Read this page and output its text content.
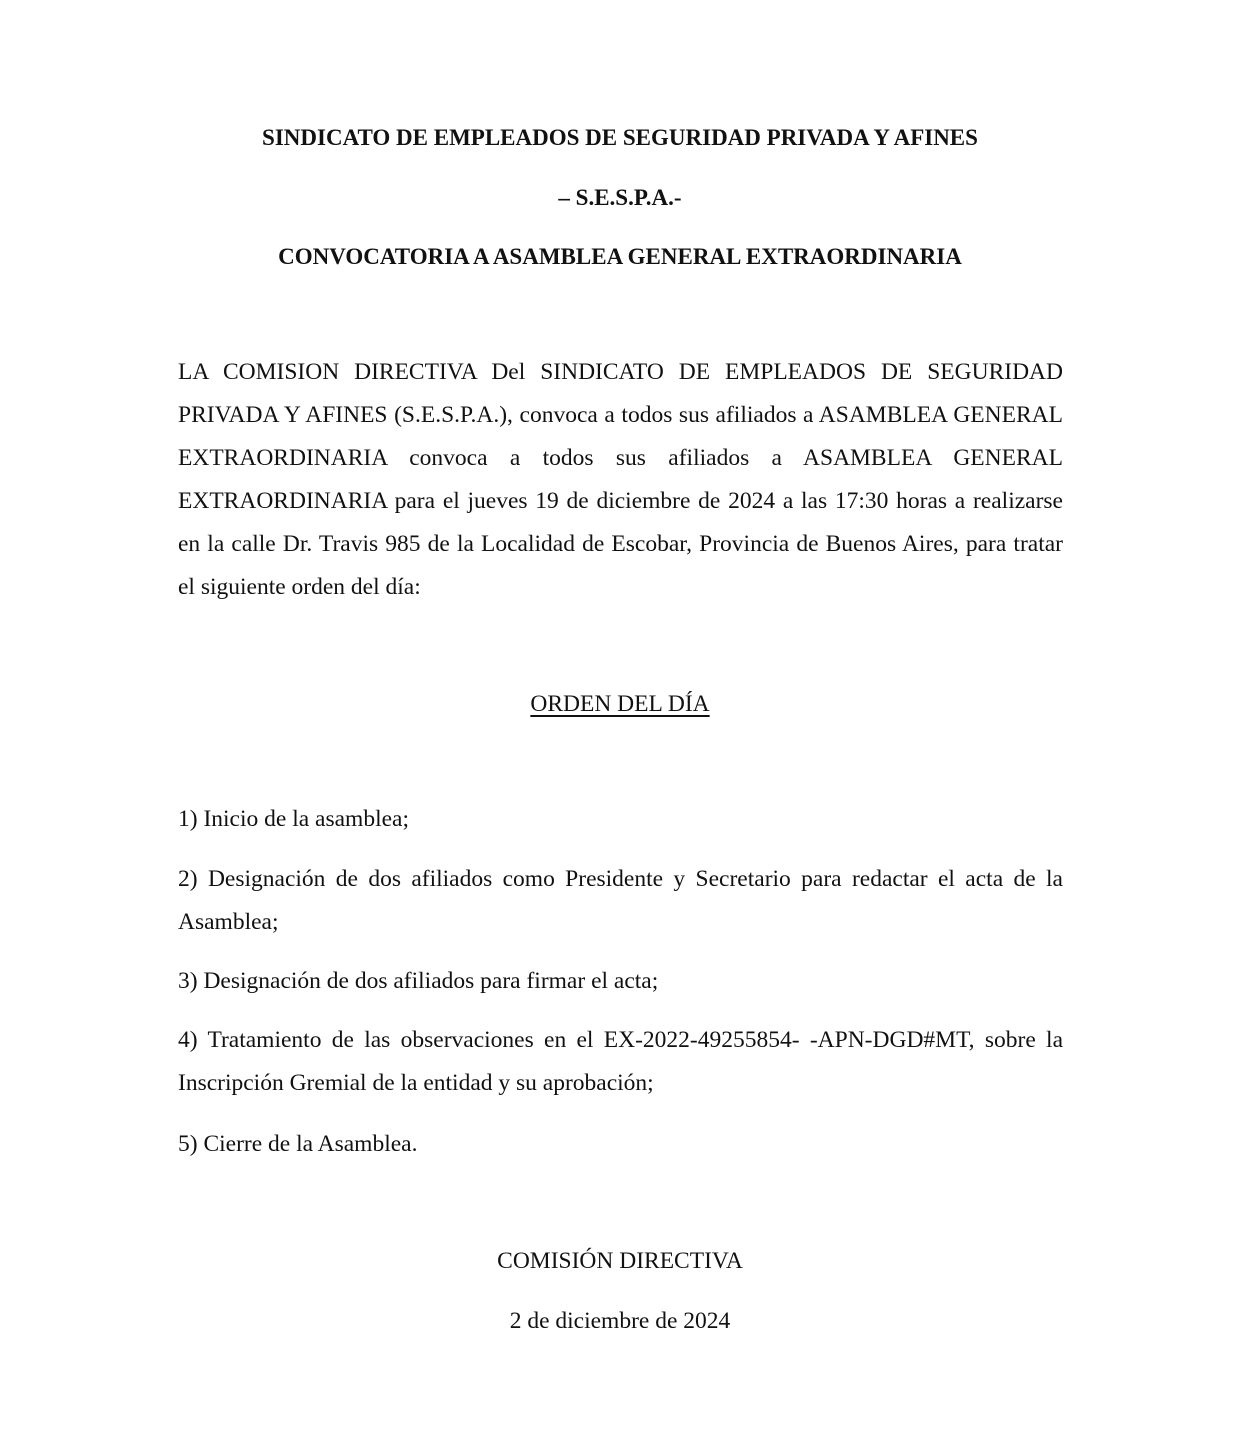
SINDICATO DE EMPLEADOS DE SEGURIDAD PRIVADA Y AFINES
– S.E.S.P.A.-
CONVOCATORIA A ASAMBLEA GENERAL EXTRAORDINARIA

LA COMISION DIRECTIVA Del SINDICATO DE EMPLEADOS DE SEGURIDAD PRIVADA Y AFINES (S.E.S.P.A.), convoca a todos sus afiliados a ASAMBLEA GENERAL EXTRAORDINARIA convoca a todos sus afiliados a ASAMBLEA GENERAL EXTRAORDINARIA para el jueves 19 de diciembre de 2024 a las 17:30 horas a realizarse en la calle Dr. Travis 985 de la Localidad de Escobar, Provincia de Buenos Aires, para tratar el siguiente orden del día:

ORDEN DEL DÍA

1) Inicio de la asamblea;

2) Designación de dos afiliados como Presidente y Secretario para redactar el acta de la Asamblea;

3) Designación de dos afiliados para firmar el acta;

4) Tratamiento de las observaciones en el EX-2022-49255854- -APN-DGD#MT, sobre la Inscripción Gremial de la entidad y su aprobación;

5) Cierre de la Asamblea.

COMISIÓN DIRECTIVA
2 de diciembre de 2024
